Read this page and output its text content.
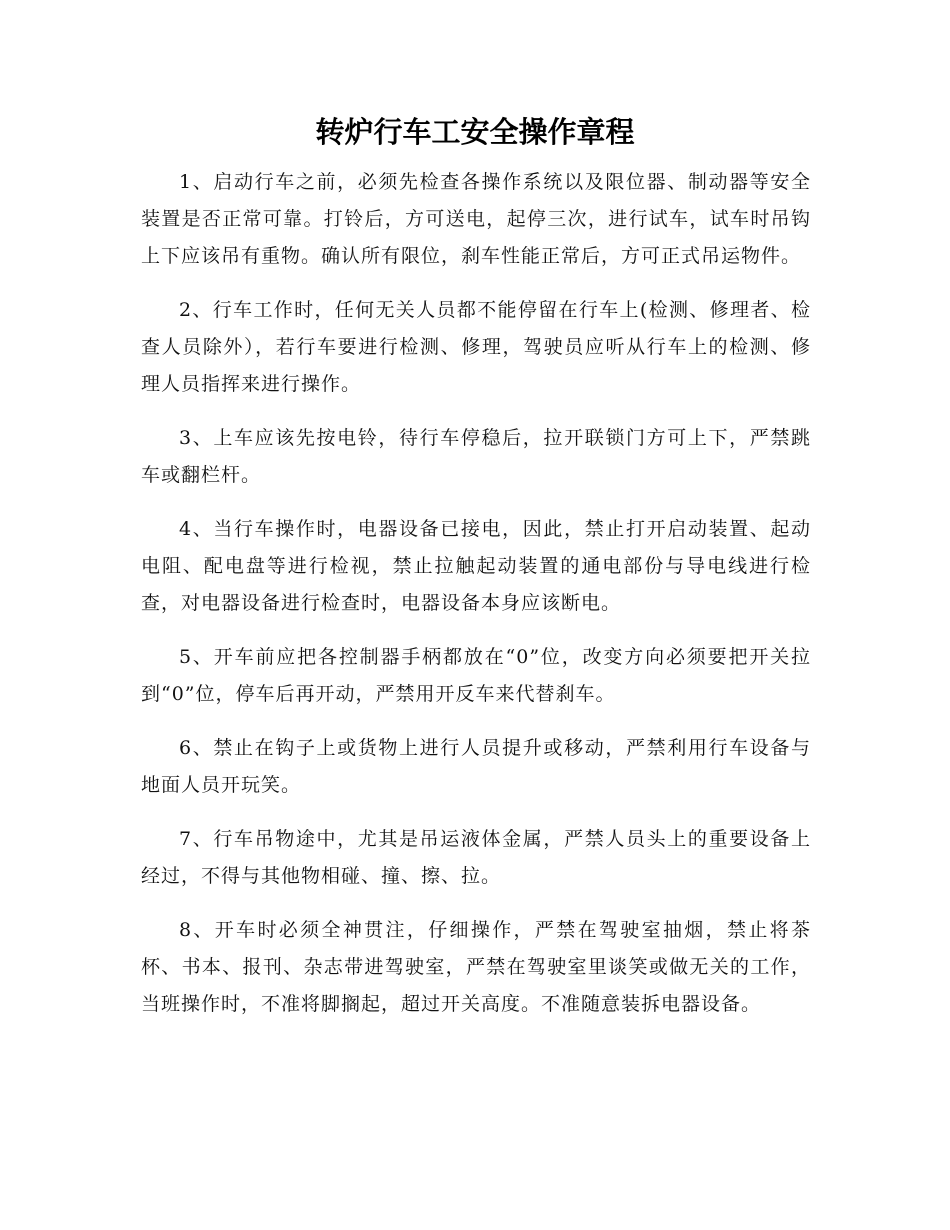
转炉行车工安全操作章程

1、启动行车之前，必须先检查各操作系统以及限位器、制动器等安全装置是否正常可靠。打铃后，方可送电，起停三次，进行试车，试车时吊钩上下应该吊有重物。确认所有限位，刹车性能正常后，方可正式吊运物件。

2、行车工作时，任何无关人员都不能停留在行车上(检测、修理者、检查人员除外），若行车要进行检测、修理，驾驶员应听从行车上的检测、修理人员指挥来进行操作。

3、上车应该先按电铃，待行车停稳后，拉开联锁门方可上下，严禁跳车或翻栏杆。

4、当行车操作时，电器设备已接电，因此，禁止打开启动装置、起动电阻、配电盘等进行检视，禁止拉触起动装置的通电部份与导电线进行检查，对电器设备进行检查时，电器设备本身应该断电。

5、开车前应把各控制器手柄都放在“0”位，改变方向必须要把开关拉到“0”位，停车后再开动，严禁用开反车来代替刹车。

6、禁止在钩子上或货物上进行人员提升或移动，严禁利用行车设备与地面人员开玩笑。

7、行车吊物途中，尤其是吊运液体金属，严禁人员头上的重要设备上经过，不得与其他物相碰、撞、擦、拉。

8、开车时必须全神贯注，仔细操作，严禁在驾驶室抽烟，禁止将茶杯、书本、报刊、杂志带进驾驶室，严禁在驾驶室里谈笑或做无关的工作，当班操作时，不准将脚搁起，超过开关高度。不准随意装拆电器设备。
